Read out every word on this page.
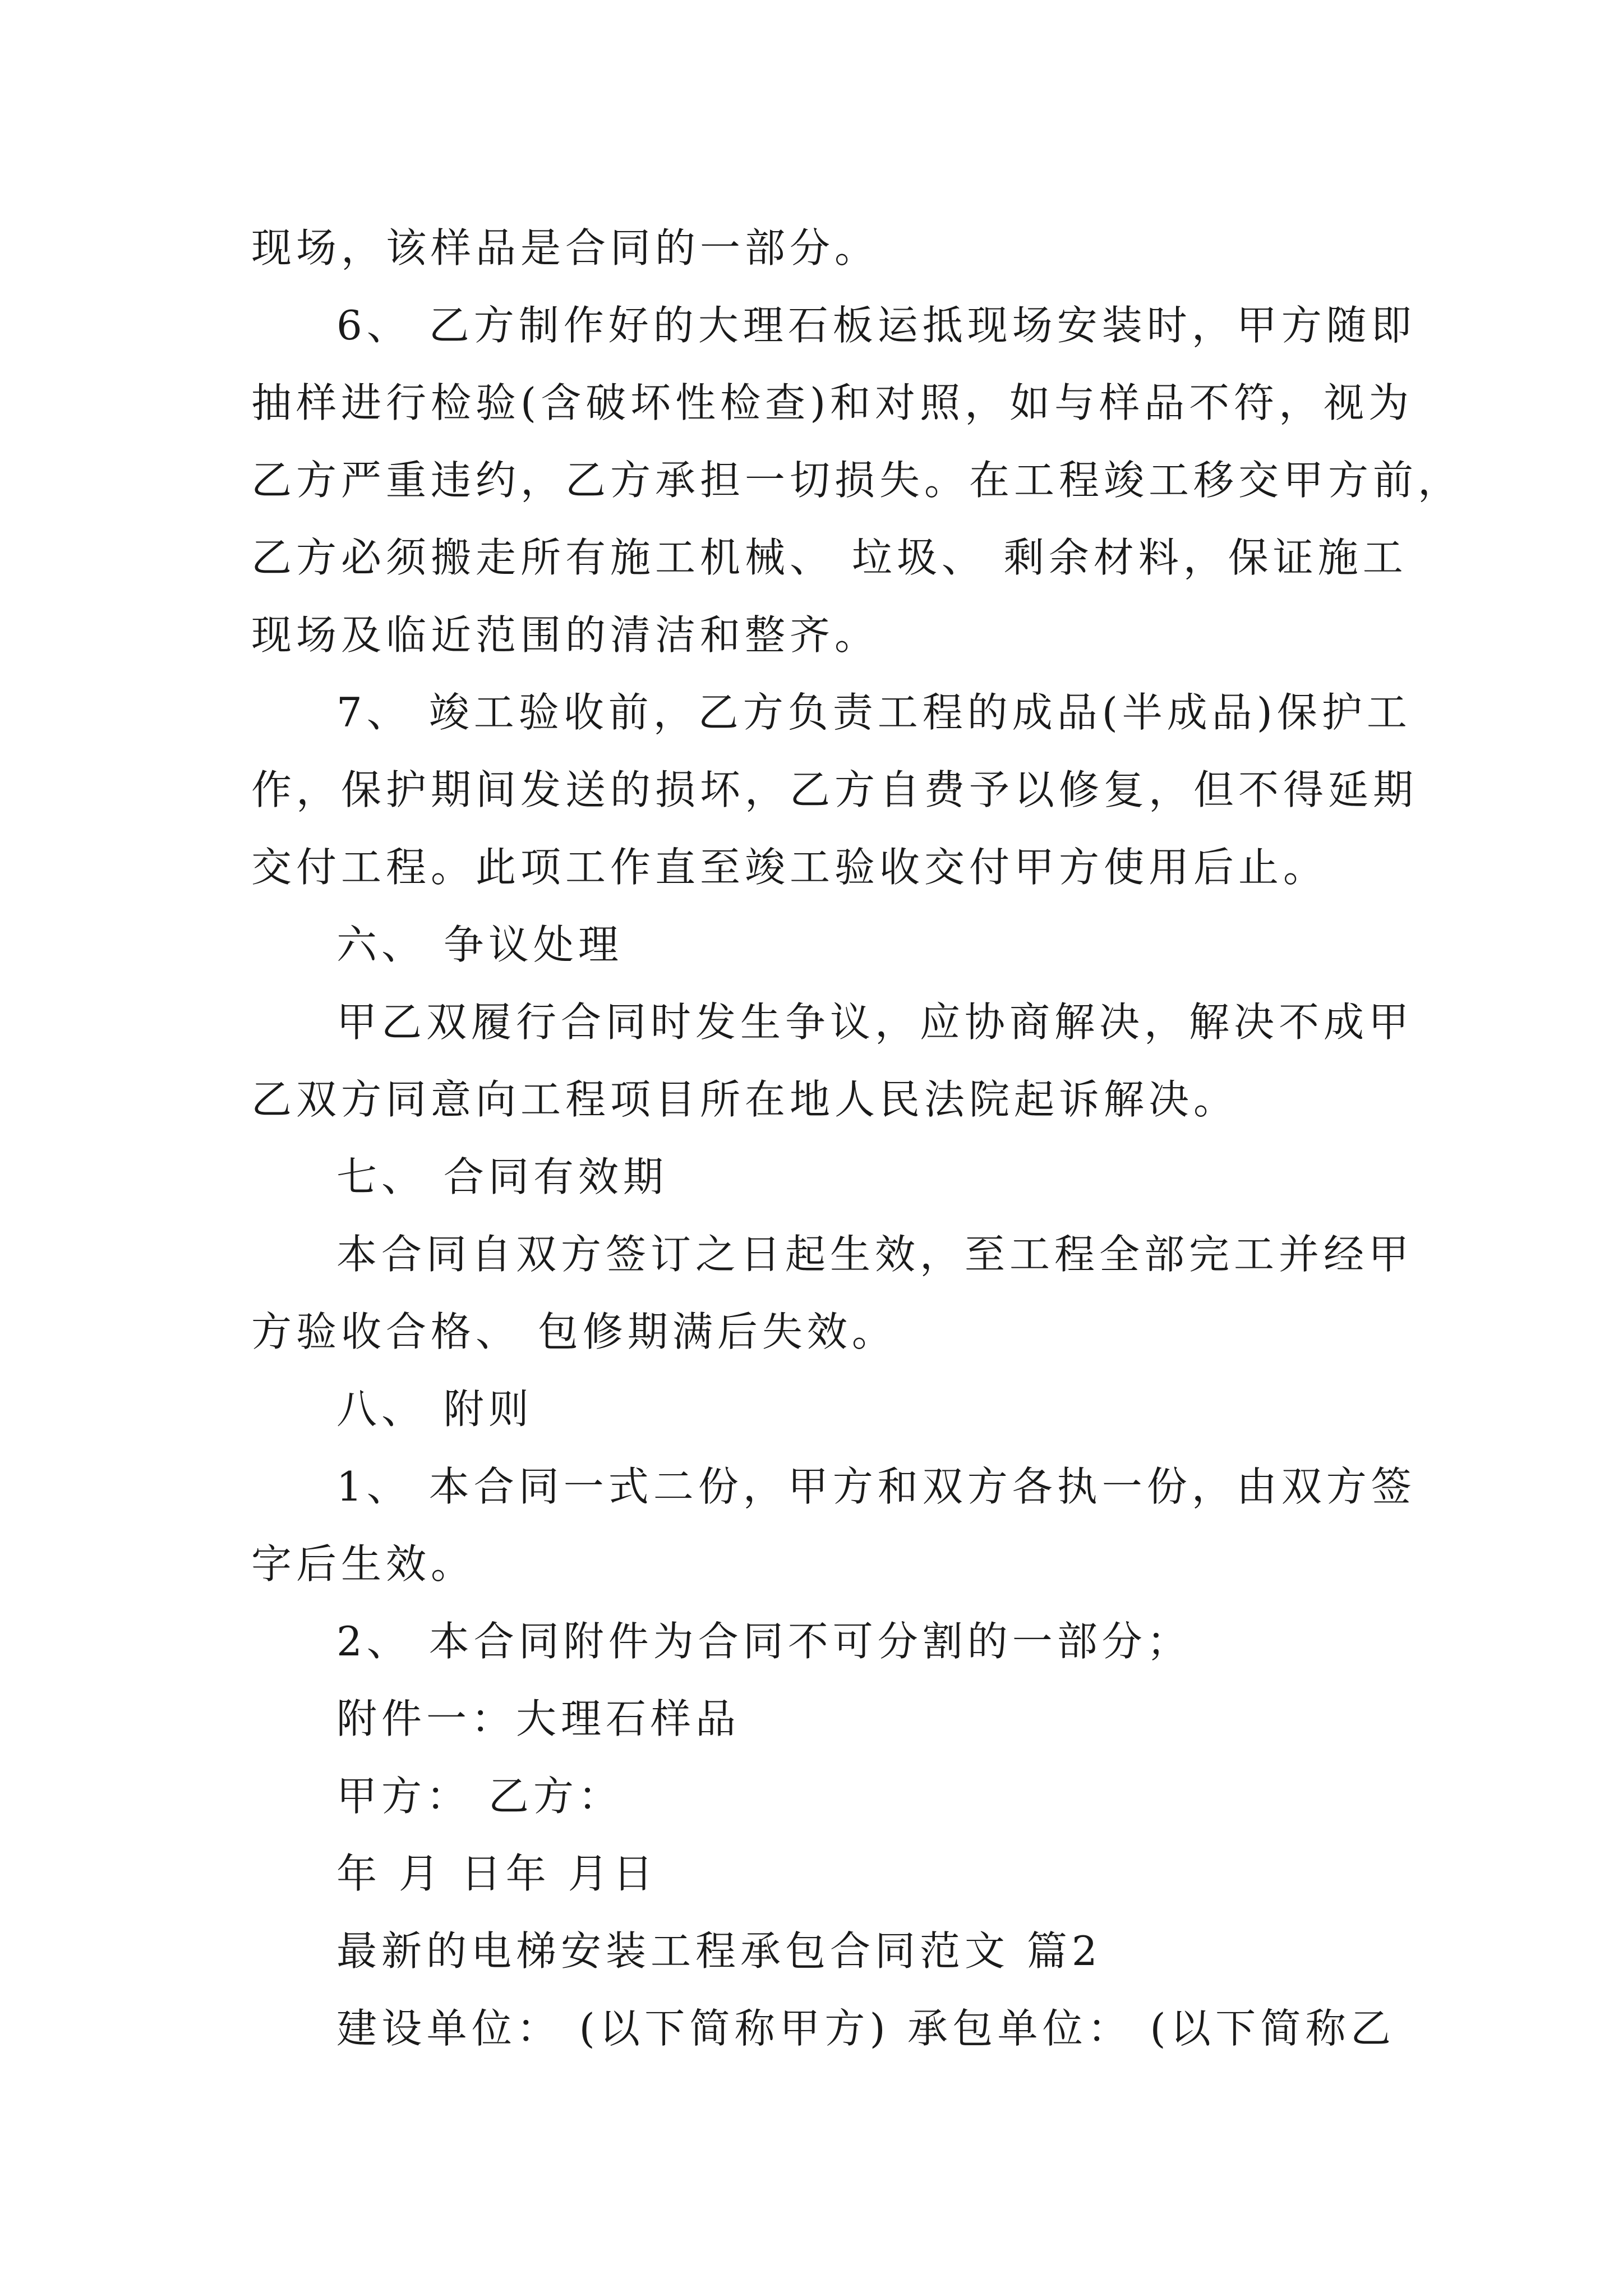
现场，该样品是合同的一部分。
6、 乙方制作好的大理石板运抵现场安装时，甲方随即
抽样进行检验(含破坏性检查)和对照，如与样品不符，视为
乙方严重违约，乙方承担一切损失。在工程竣工移交甲方前，
乙方必须搬走所有施工机械、 垃圾、 剩余材料，保证施工
现场及临近范围的清洁和整齐。
7、 竣工验收前，乙方负责工程的成品(半成品)保护工
作，保护期间发送的损坏，乙方自费予以修复，但不得延期
交付工程。此项工作直至竣工验收交付甲方使用后止。
六、 争议处理
甲乙双履行合同时发生争议，应协商解决，解决不成甲
乙双方同意向工程项目所在地人民法院起诉解决。
七、 合同有效期
本合同自双方签订之日起生效，至工程全部完工并经甲
方验收合格、 包修期满后失效。
八、 附则
1、 本合同一式二份，甲方和双方各执一份，由双方签
字后生效。
2、 本合同附件为合同不可分割的一部分；
附件一：大理石样品
甲方： 乙方：
年 月 日年 月日
最新的电梯安装工程承包合同范文 篇2
建设单位： (以下简称甲方) 承包单位： (以下简称乙
